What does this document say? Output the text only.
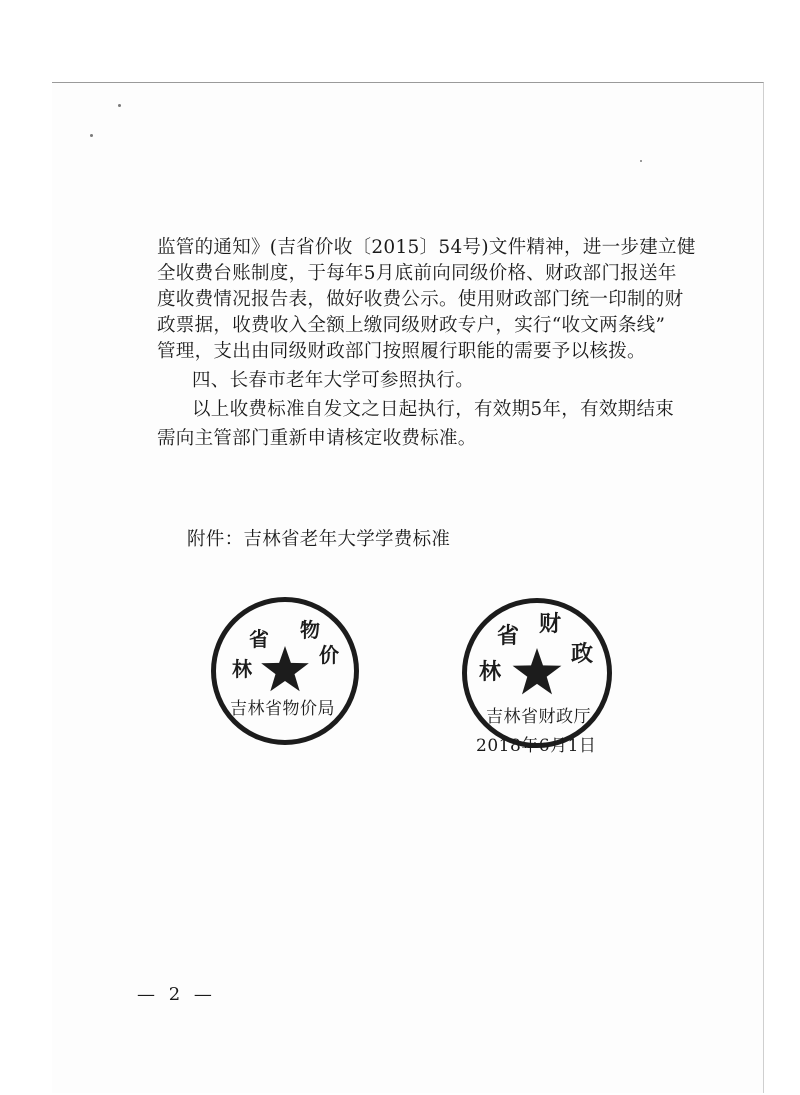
监管的通知》(吉省价收〔2015〕54号)文件精神，进一步建立健
全收费台账制度，于每年5月底前向同级价格、财政部门报送年
度收费情况报告表，做好收费公示。使用财政部门统一印制的财
政票据，收费收入全额上缴同级财政专户，实行“收文两条线”
管理，支出由同级财政部门按照履行职能的需要予以核拨。
四、长春市老年大学可参照执行。
以上收费标准自发文之日起执行，有效期5年，有效期结束
需向主管部门重新申请核定收费标准。
附件：吉林省老年大学学费标准
林
省 物
价
吉林省物价局
林
省 财
政
吉林省财政厅
2018年6月1日
— 2 —
